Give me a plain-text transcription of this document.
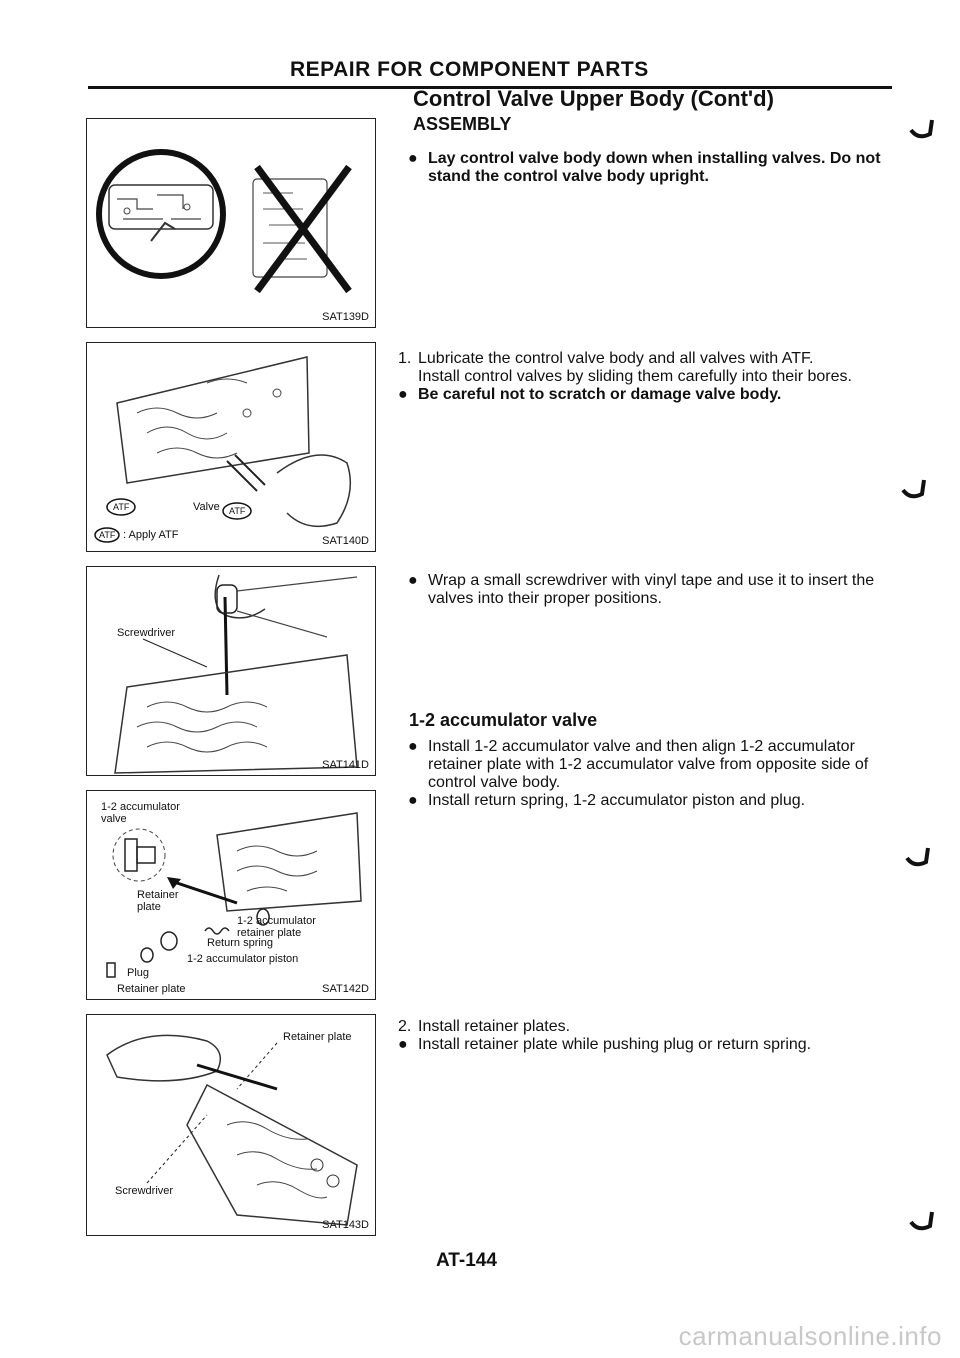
REPAIR FOR COMPONENT PARTS
Control Valve Upper Body (Cont'd)
ASSEMBLY
● Lay control valve body down when installing valves. Do not stand the control valve body upright.
1. Lubricate the control valve body and all valves with ATF.
Install control valves by sliding them carefully into their bores.
● Be careful not to scratch or damage valve body.
● Wrap a small screwdriver with vinyl tape and use it to insert the valves into their proper positions.
1-2 accumulator valve
● Install 1-2 accumulator valve and then align 1-2 accumulator retainer plate with 1-2 accumulator valve from opposite side of control valve body.
● Install return spring, 1-2 accumulator piston and plug.
2. Install retainer plates.
● Install retainer plate while pushing plug or return spring.
SAT139D
ATF	Valve ATF
ATF : Apply ATF	SAT140D
Screwdriver
SAT141D
1-2 accumulator valve
Retainer plate
1-2 accumulator retainer plate
Return spring
1-2 accumulator piston
Plug
Retainer plate	SAT142D
Retainer plate
Screwdriver
SAT143D
AT-144
carmanualsonline.info
